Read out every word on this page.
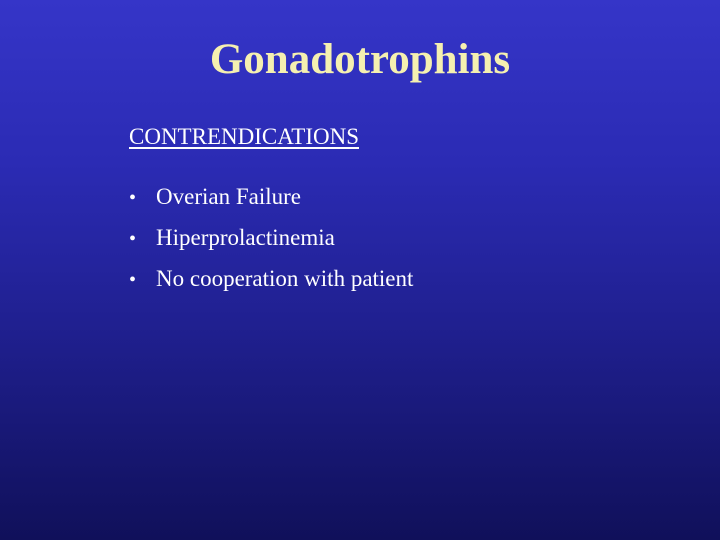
Gonadotrophins

CONTRENDICATIONS

• Overian Failure
• Hiperprolactinemia
• No cooperation with patient
